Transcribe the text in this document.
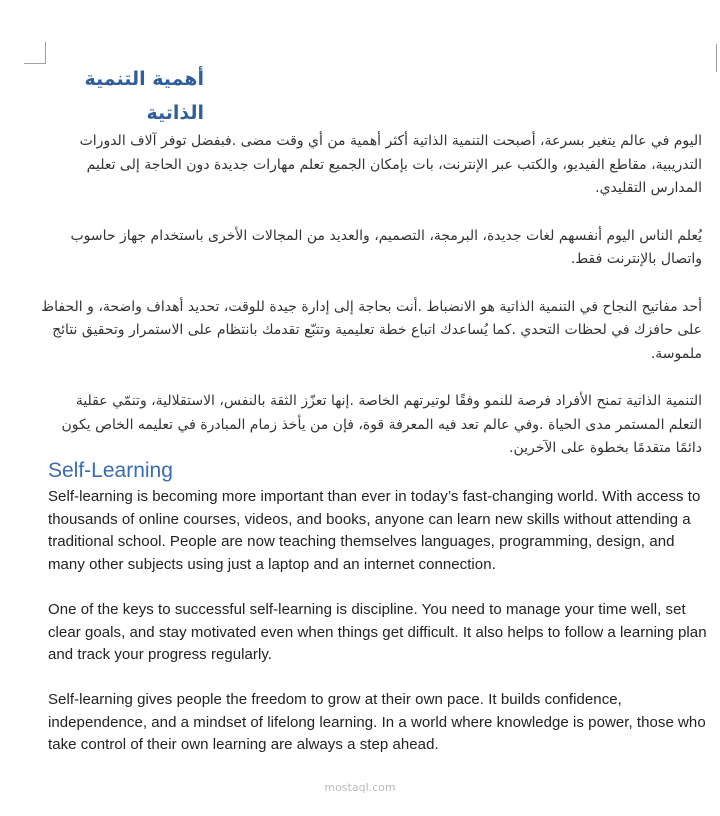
أهمية التنمية الذاتية

اليوم في عالم يتغير بسرعة، أصبحت التنمية الذاتية أكثر أهمية من أي وقت مضى .فبفضل توفر آلاف الدورات التدريبية، مقاطع الفيديو، والكتب عبر الإنترنت، بات بإمكان الجميع تعلم مهارات جديدة دون الحاجة إلى تعليم المدارس التقليدي.

يُعلم الناس اليوم أنفسهم لغات جديدة، البرمجة، التصميم، والعديد من المجالات الأخرى باستخدام جهاز حاسوب واتصال بالإنترنت فقط.

أحد مفاتيح النجاح في التنمية الذاتية هو الانضباط .أنت بحاجة إلى إدارة جيدة للوقت، تحديد أهداف واضحة، و الحفاظ على حافزك في لحظات التحدي .كما يُساعدك اتباع خطة تعليمية وتتبّع تقدمك بانتظام على الاستمرار وتحقيق نتائج ملموسة.

التنمية الذاتية تمنح الأفراد فرصة للنمو وفقًا لوتيرتهم الخاصة .إنها تعزّز الثقة بالنفس، الاستقلالية، وتنمّي عقلية التعلم المستمر مدى الحياة .وفي عالم تعد فيه المعرفة قوة، فإن من يأخذ زمام المبادرة في تعليمه الخاص يكون دائمًا متقدمًا بخطوة على الآخرين.

Self-Learning

Self-learning is becoming more important than ever in today’s fast-changing world. With access to thousands of online courses, videos, and books, anyone can learn new skills without attending a traditional school. People are now teaching themselves languages, programming, design, and many other subjects using just a laptop and an internet connection.

One of the keys to successful self-learning is discipline. You need to manage your time well, set clear goals, and stay motivated even when things get difficult. It also helps to follow a learning plan and track your progress regularly.

Self-learning gives people the freedom to grow at their own pace. It builds confidence, independence, and a mindset of lifelong learning. In a world where knowledge is power, those who take control of their own learning are always a step ahead.

mostaql.com
